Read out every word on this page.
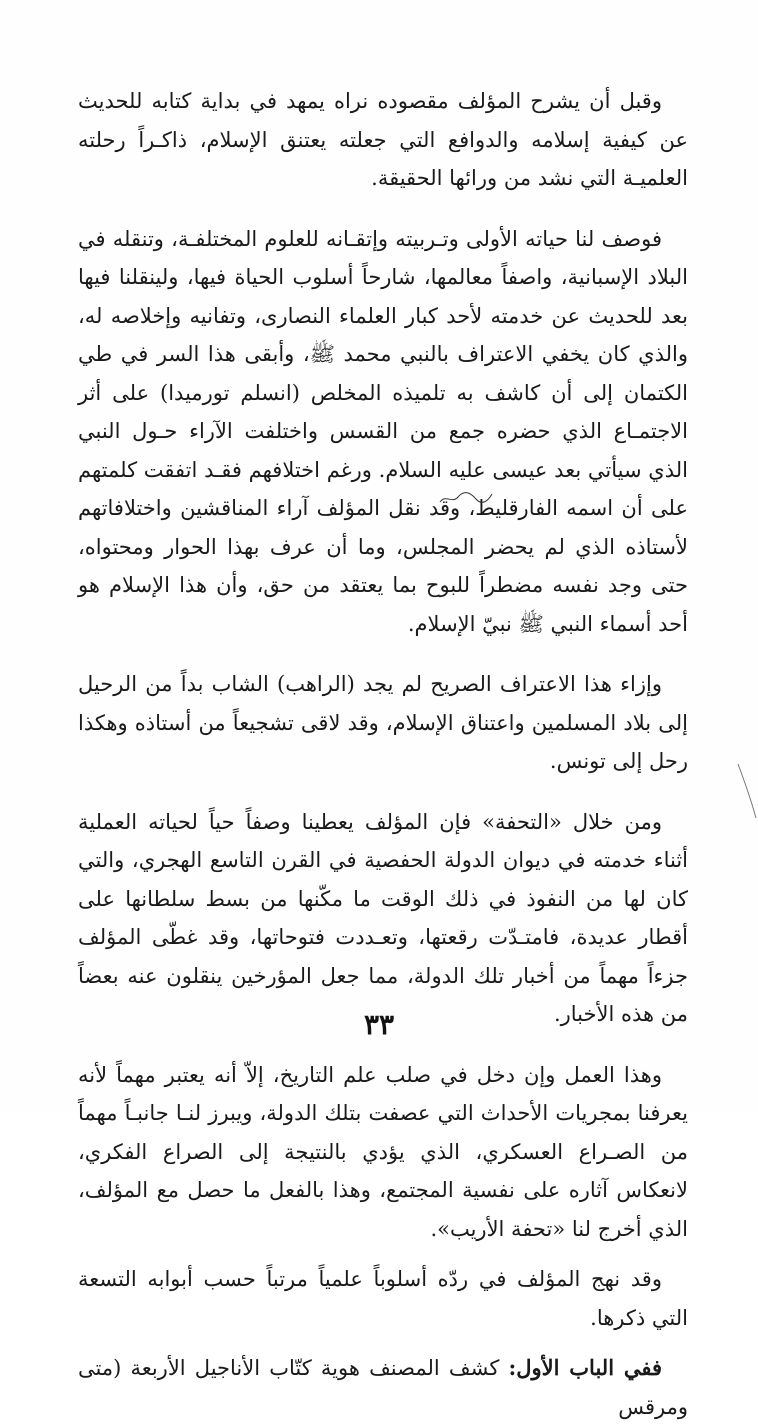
وقبل أن يشرح المؤلف مقصوده نراه يمهد في بداية كتابه للحديث عن كيفية إسلامه والدوافع التي جعلته يعتنق الإسلام، ذاكـراً رحلته العلميـة التي نشد من ورائها الحقيقة.

فوصف لنا حياته الأولى وتـربيته وإتقـانه للعلوم المختلفـة، وتنقله في البلاد الإسبانية، واصفاً معالمها، شارحاً أسلوب الحياة فيها، ولينقلنا فيها بعد للحديث عن خدمته لأحد كبار العلماء النصارى، وتفانيه وإخلاصه له، والذي كان يخفي الاعتراف بالنبي محمد ﷺ، وأبقى هذا السر في طي الكتمان إلى أن كاشف به تلميذه المخلص (انسلم تورميدا) على أثر الاجتمـاع الذي حضره جمع من القسس واختلفت الآراء حـول النبي الذي سيأتي بعد عيسى عليه السلام. ورغم اختلافهم فقـد اتفقت كلمتهم على أن اسمه الفارقليط، وقد نقل المؤلف آراء المناقشين واختلافاتهم لأستاذه الذي لم يحضر المجلس، وما أن عرف بهذا الحوار ومحتواه، حتى وجد نفسه مضطراً للبوح بما يعتقد من حق، وأن هذا الإسلام هو أحد أسماء النبي ﷺ نبيّ الإسلام.

وإزاء هذا الاعتراف الصريح لم يجد (الراهب) الشاب بداً من الرحيل إلى بلاد المسلمين واعتناق الإسلام، وقد لاقى تشجيعاً من أستاذه وهكذا رحل إلى تونس.

ومن خلال «التحفة» فإن المؤلف يعطينا وصفاً حياً لحياته العملية أثناء خدمته في ديوان الدولة الحفصية في القرن التاسع الهجري، والتي كان لها من النفوذ في ذلك الوقت ما مكّنها من بسط سلطانها على أقطار عديدة، فامتـدّت رقعتها، وتعـددت فتوحاتها، وقد غطّى المؤلف جزءاً مهماً من أخبار تلك الدولة، مما جعل المؤرخين ينقلون عنه بعضاً من هذه الأخبار.

وهذا العمل وإن دخل في صلب علم التاريخ، إلاّ أنه يعتبر مهماً لأنه يعرفنا بمجريات الأحداث التي عصفت بتلك الدولة، ويبرز لنـا جانبـاً مهماً من الصـراع العسكري، الذي يؤدي بالنتيجة إلى الصراع الفكري، لانعكاس آثاره على نفسية المجتمع، وهذا بالفعل ما حصل مع المؤلف، الذي أخرج لنا «تحفة الأريب».

وقد نهج المؤلف في ردّه أسلوباً علمياً مرتباً حسب أبوابه التسعة التي ذكرها.

ففي الباب الأول: كشف المصنف هوية كتّاب الأناجيل الأربعة (متى ومرقس

٣٣
